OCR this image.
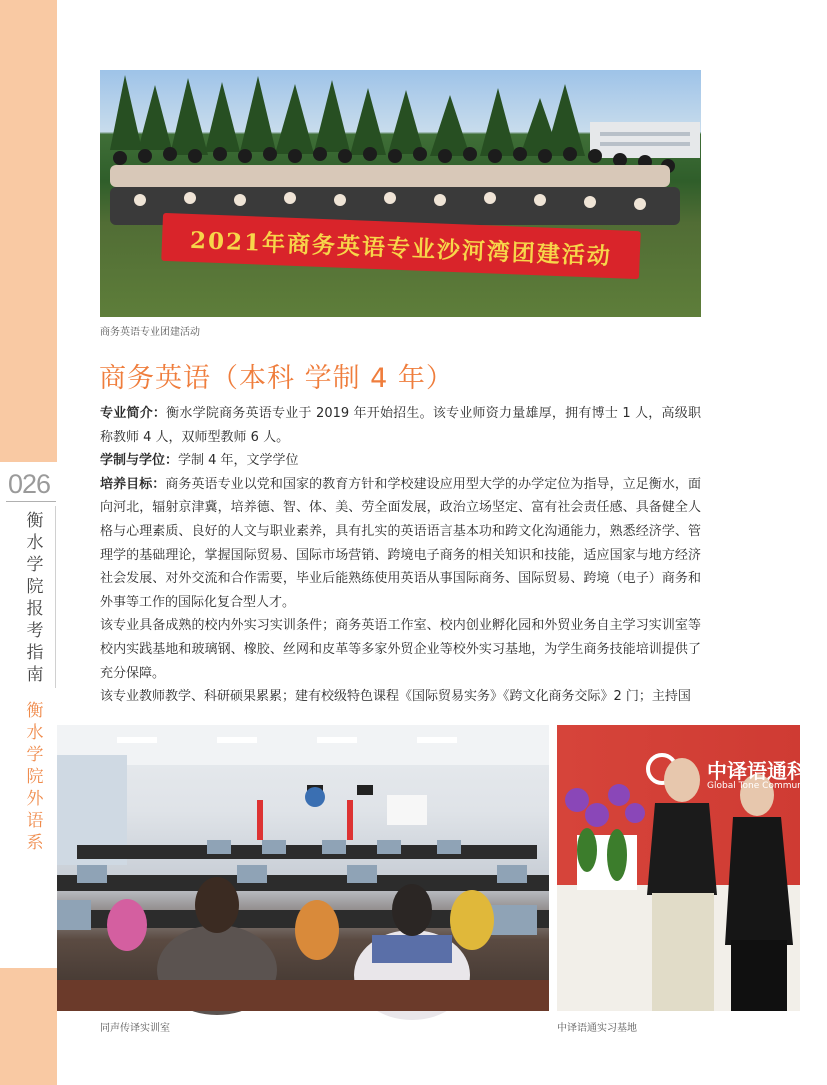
026
衡水学院 报考指南
衡水学院外语系
2021年商务英语专业沙河湾团建活动
商务英语专业团建活动
商务英语（本科 学制 4 年）

专业简介：衡水学院商务英语专业于 2019 年开始招生。该专业师资力量雄厚，拥有博士 1 人，高级职称教师 4 人，双师型教师 6 人。

学制与学位：学制 4 年，文学学位

培养目标：商务英语专业以党和国家的教育方针和学校建设应用型大学的办学定位为指导，立足衡水，面向河北，辐射京津冀，培养德、智、体、美、劳全面发展，政治立场坚定、富有社会责任感、具备健全人格与心理素质、良好的人文与职业素养，具有扎实的英语语言基本功和跨文化沟通能力，熟悉经济学、管理学的基础理论，掌握国际贸易、国际市场营销、跨境电子商务的相关知识和技能，适应国家与地方经济社会发展、对外交流和合作需要，毕业后能熟练使用英语从事国际商务、国际贸易、跨境（电子）商务和外事等工作的国际化复合型人才。

该专业具备成熟的校内外实习实训条件；商务英语工作室、校内创业孵化园和外贸业务自主学习实训室等校内实践基地和玻璃钢、橡胶、丝网和皮革等多家外贸企业等校外实习基地，为学生商务技能培训提供了充分保障。

该专业教师教学、科研硕果累累；建有校级特色课程《国际贸易实务》《跨文化商务交际》2 门；主持国

同声传译实训室
中译语通科技
Global Tone Communi
中译语通实习基地
